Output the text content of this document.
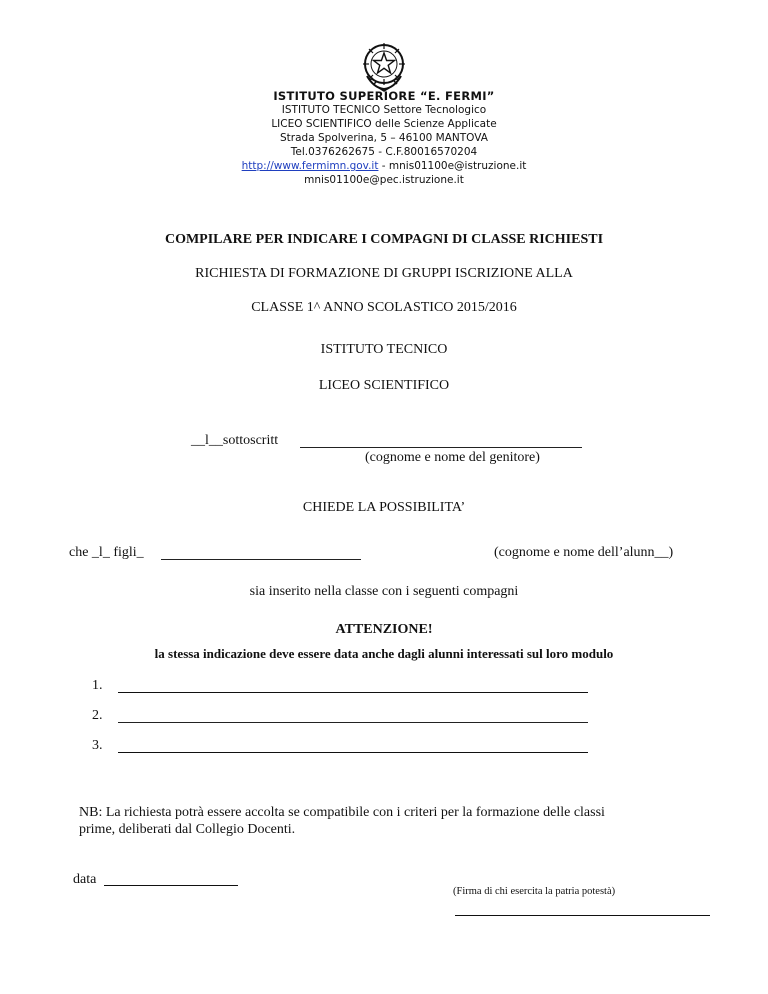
ISTITUTO SUPERIORE “E. FERMI”
ISTITUTO TECNICO Settore Tecnologico
LICEO SCIENTIFICO delle Scienze Applicate
Strada Spolverina, 5 – 46100 MANTOVA
Tel.0376262675 - C.F.80016570204
http://www.fermimn.gov.it - mnis01100e@istruzione.it
mnis01100e@pec.istruzione.it
COMPILARE PER INDICARE I COMPAGNI DI CLASSE RICHIESTI
RICHIESTA DI FORMAZIONE DI GRUPPI ISCRIZIONE ALLA
CLASSE 1^ ANNO SCOLASTICO 2015/2016
ISTITUTO TECNICO
LICEO SCIENTIFICO
__l__sottoscritt
(cognome e nome del genitore)
CHIEDE LA POSSIBILITA’
che _l_ figli_	(cognome e nome dell’alunn__)
sia inserito nella classe con i seguenti compagni
ATTENZIONE!
la stessa indicazione deve essere data anche dagli alunni interessati sul loro modulo
1.
2.
3.
NB: La richiesta potrà essere accolta se compatibile con i criteri per la formazione delle classi
prime, deliberati dal Collegio Docenti.
data
(Firma di chi esercita la patria potestà)
